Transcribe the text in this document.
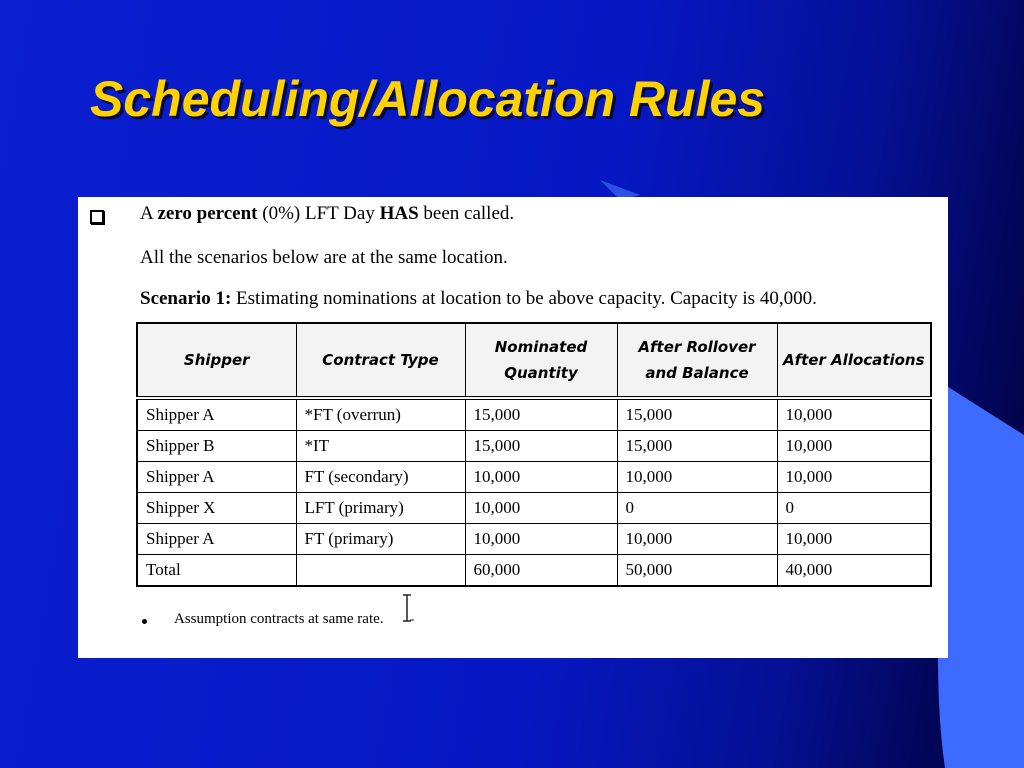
Scheduling/Allocation Rules
A zero percent (0%) LFT Day HAS been called.
All the scenarios below are at the same location.
Scenario 1: Estimating nominations at location to be above capacity. Capacity is 40,000.
Shipper	Contract Type	Nominated Quantity	After Rollover and Balance	After Allocations
Shipper A	*FT (overrun)	15,000	15,000	10,000
Shipper B	*IT	15,000	15,000	10,000
Shipper A	FT (secondary)	10,000	10,000	10,000
Shipper X	LFT (primary)	10,000	0	0
Shipper A	FT (primary)	10,000	10,000	10,000
Total		60,000	50,000	40,000
Assumption contracts at same rate.
